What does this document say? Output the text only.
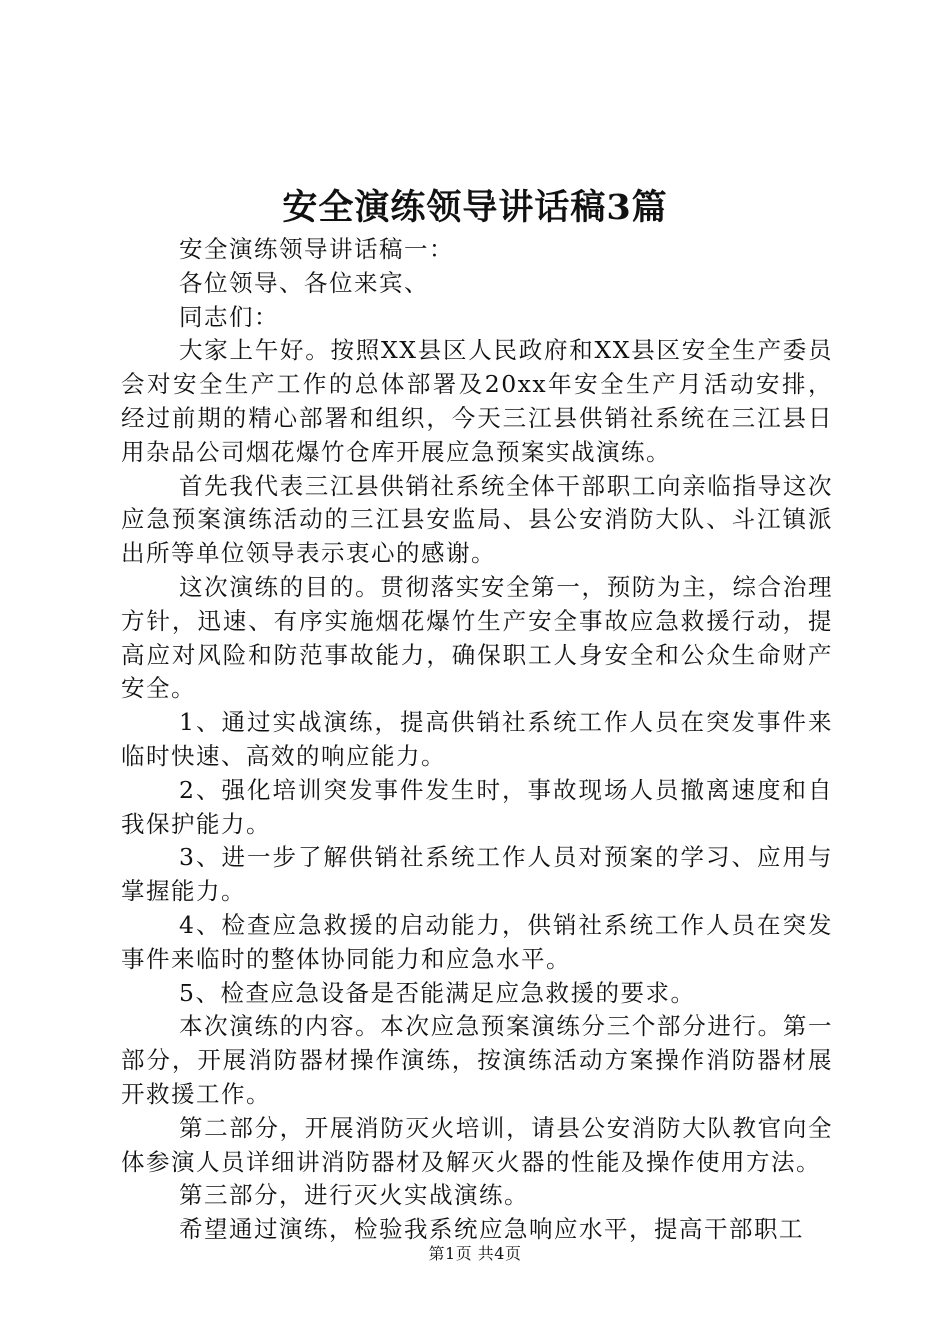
安全演练领导讲话稿3篇

安全演练领导讲话稿一：

各位领导、各位来宾、

同志们：

大家上午好。按照XX县区人民政府和XX县区安全生产委员会对安全生产工作的总体部署及20xx年安全生产月活动安排，经过前期的精心部署和组织，今天三江县供销社系统在三江县日用杂品公司烟花爆竹仓库开展应急预案实战演练。

首先我代表三江县供销社系统全体干部职工向亲临指导这次应急预案演练活动的三江县安监局、县公安消防大队、斗江镇派出所等单位领导表示衷心的感谢。

这次演练的目的。贯彻落实安全第一，预防为主，综合治理方针，迅速、有序实施烟花爆竹生产安全事故应急救援行动，提高应对风险和防范事故能力，确保职工人身安全和公众生命财产安全。

1、通过实战演练，提高供销社系统工作人员在突发事件来临时快速、高效的响应能力。

2、强化培训突发事件发生时，事故现场人员撤离速度和自我保护能力。

3、进一步了解供销社系统工作人员对预案的学习、应用与掌握能力。

4、检查应急救援的启动能力，供销社系统工作人员在突发事件来临时的整体协同能力和应急水平。

5、检查应急设备是否能满足应急救援的要求。

本次演练的内容。本次应急预案演练分三个部分进行。第一部分，开展消防器材操作演练，按演练活动方案操作消防器材展开救援工作。

第二部分，开展消防灭火培训，请县公安消防大队教官向全体参演人员详细讲消防器材及解灭火器的性能及操作使用方法。

第三部分，进行灭火实战演练。

希望通过演练，检验我系统应急响应水平，提高干部职工

第1页 共4页
